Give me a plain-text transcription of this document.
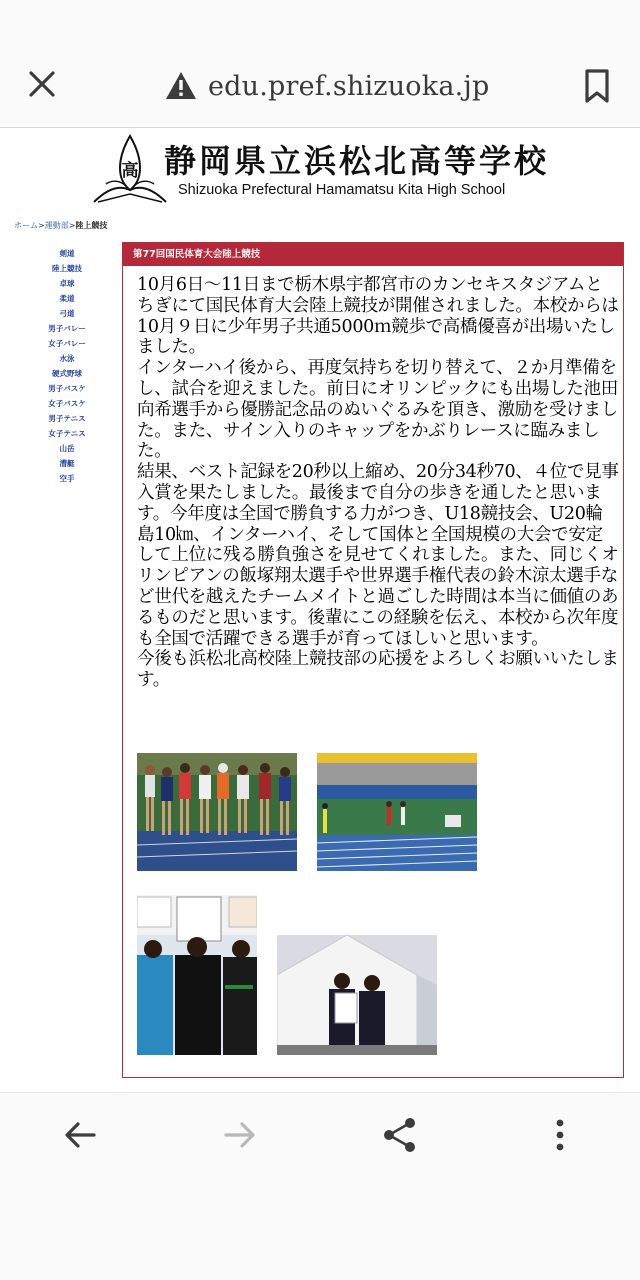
edu.pref.shizuoka.jp
高 静岡県立浜松北高等学校
Shizuoka Prefectural Hamamatsu Kita High School
ホーム>運動部>陸上競技
剣道
陸上競技
卓球
柔道
弓道
男子バレー
女子バレー
水泳
硬式野球
男子バスケ
女子バスケ
男子テニス
女子テニス
山岳
漕艇
空手
第77回国民体育大会陸上競技

10月6日～11日まで栃木県宇都宮市のカンセキスタジアムとちぎにて国民体育大会陸上競技が開催されました。本校からは10月９日に少年男子共通5000ｍ競歩で高橋優喜が出場いたしました。

インターハイ後から、再度気持ちを切り替えて、２か月準備をし、試合を迎えました。前日にオリンピックにも出場した池田向希選手から優勝記念品のぬいぐるみを頂き、激励を受けました。また、サイン入りのキャップをかぶりレースに臨みました。

結果、ベスト記録を20秒以上縮め、20分34秒70、４位で見事入賞を果たしました。最後まで自分の歩きを通したと思います。今年度は全国で勝負する力がつき、U18競技会、U20輪島10㎞、インターハイ、そして国体と全国規模の大会で安定して上位に残る勝負強さを見せてくれました。また、同じくオリンピアンの飯塚翔太選手や世界選手権代表の鈴木涼太選手など世代を越えたチームメイトと過ごした時間は本当に価値のあるものだと思います。後輩にこの経験を伝え、本校から次年度も全国で活躍できる選手が育ってほしいと思います。

今後も浜松北高校陸上競技部の応援をよろしくお願いいたします。
